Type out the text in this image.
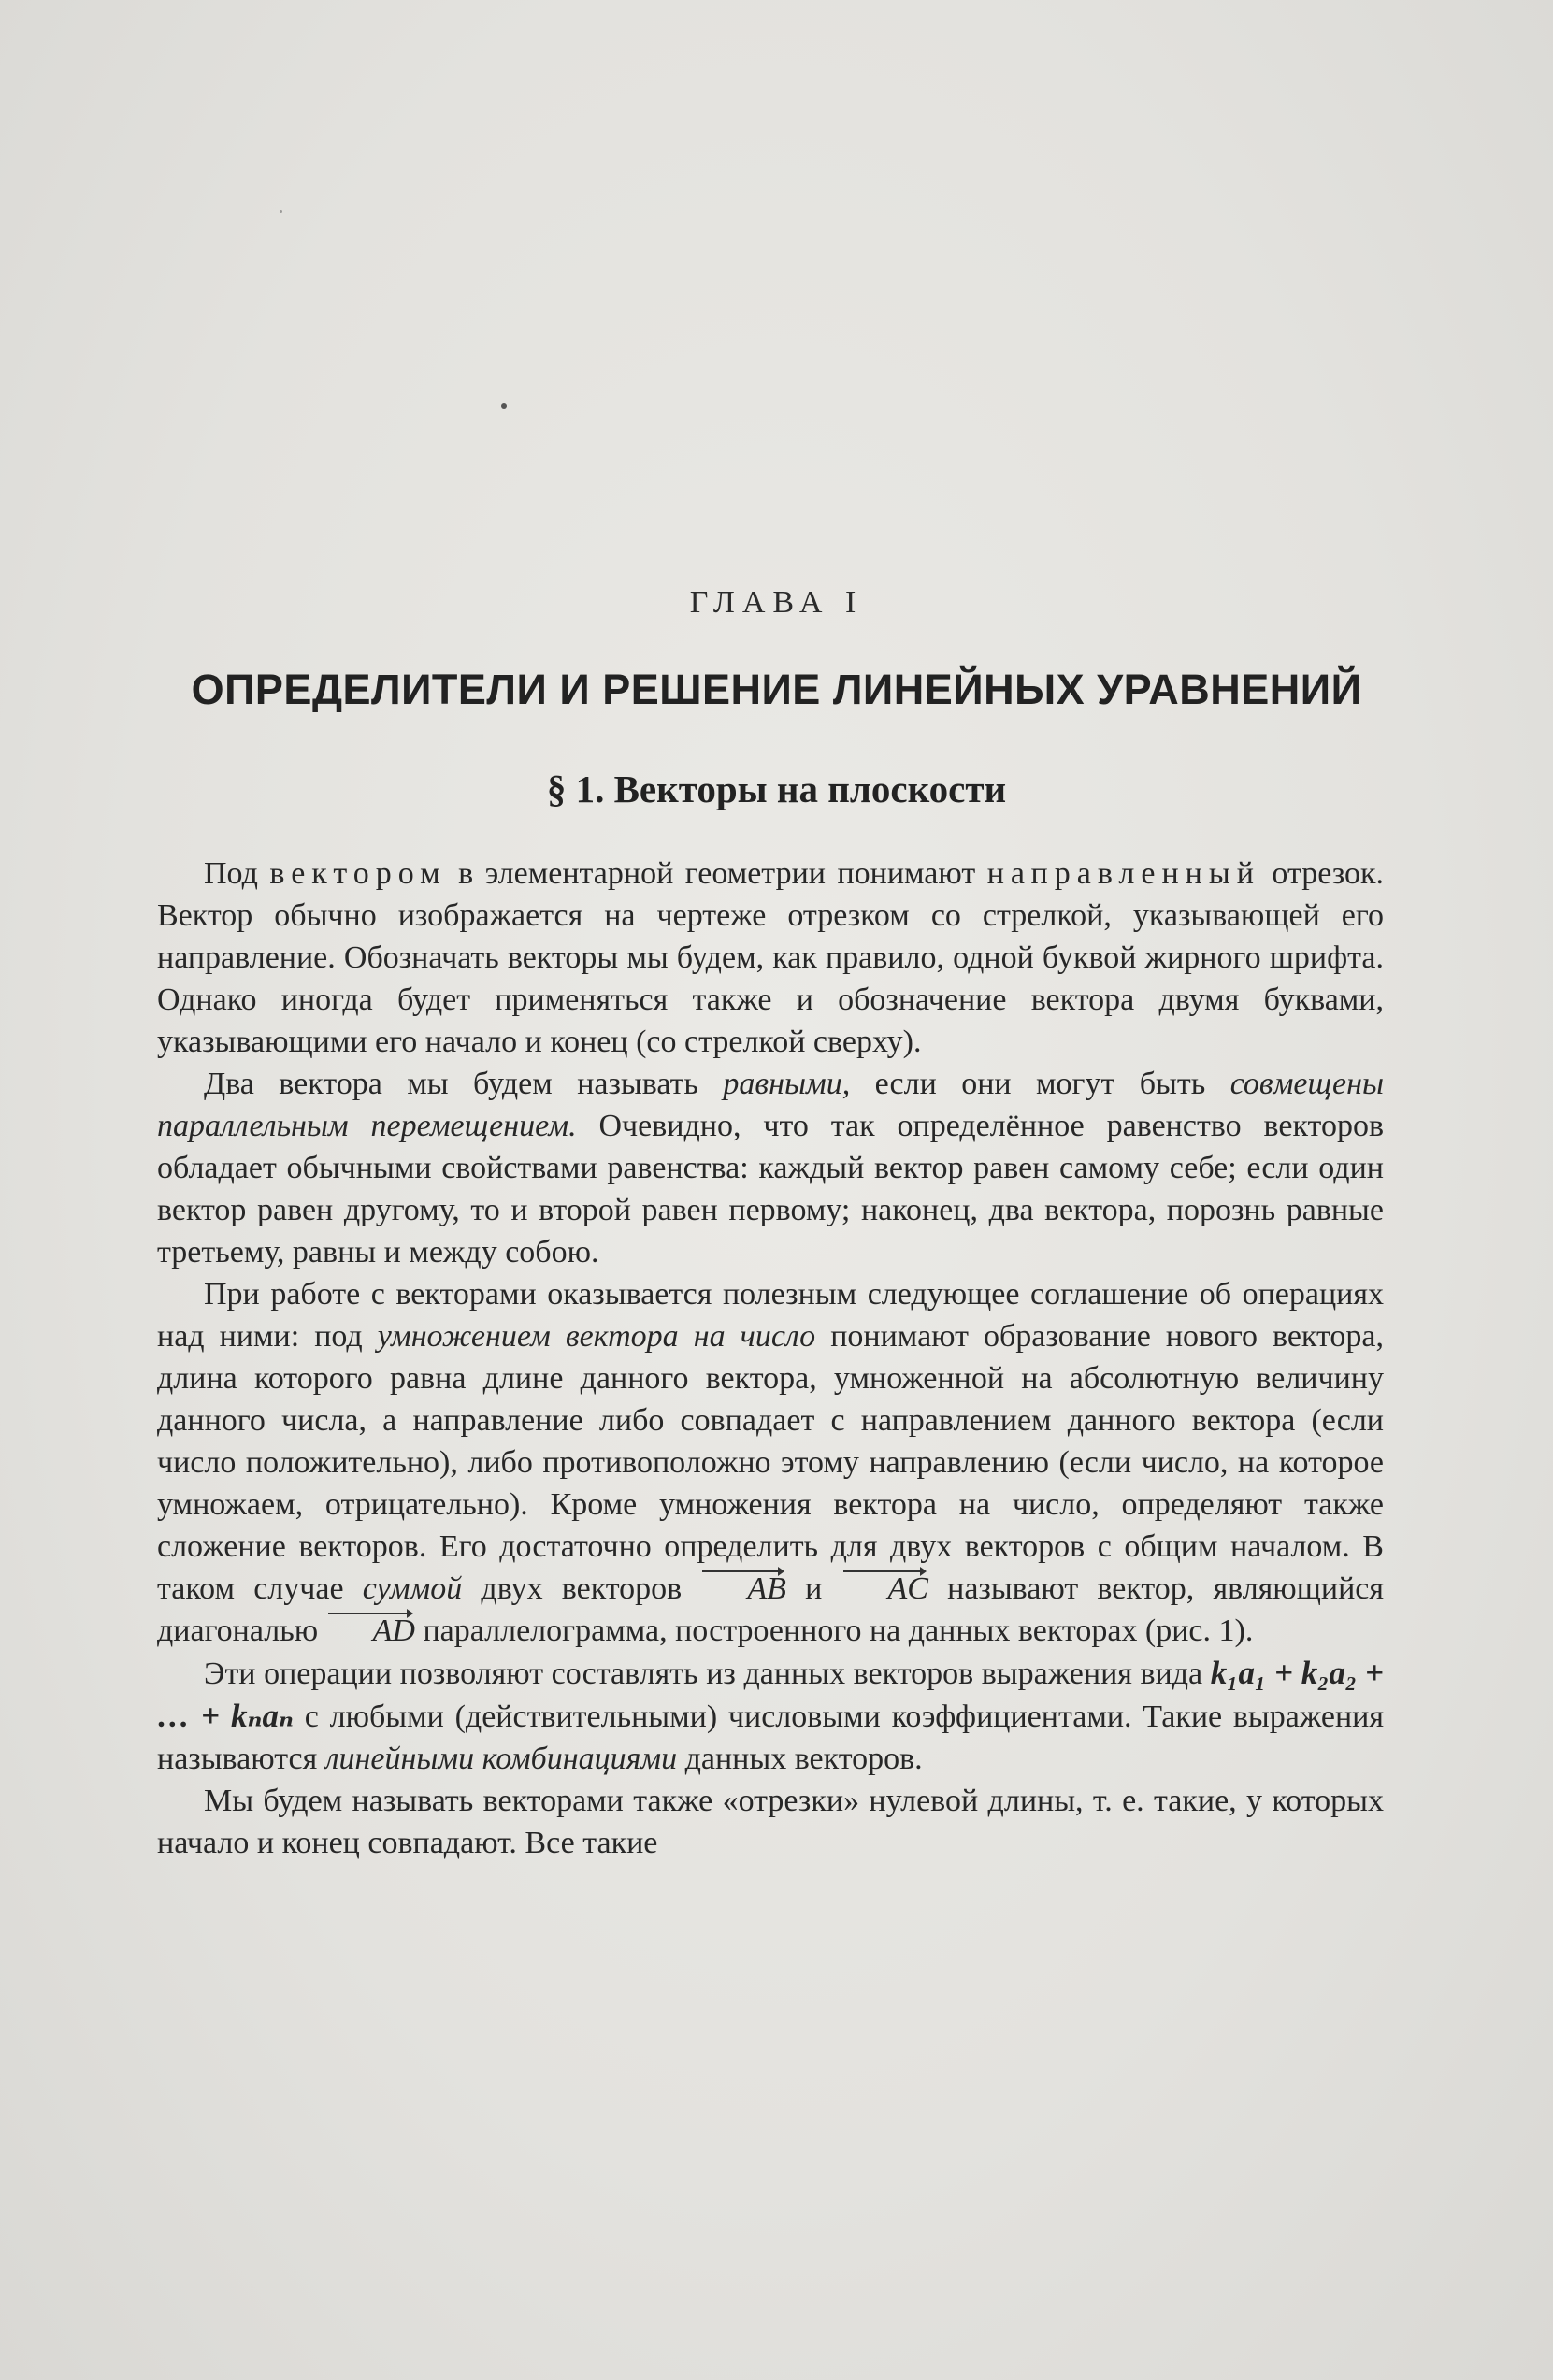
ГЛАВА I
ОПРЕДЕЛИТЕЛИ И РЕШЕНИЕ ЛИНЕЙНЫХ УРАВНЕНИЙ
§ 1. Векторы на плоскости

Под вектором в элементарной геометрии понимают направленный отрезок. Вектор обычно изображается на чертеже отрезком со стрелкой, указывающей его направление. Обозначать векторы мы будем, как правило, одной буквой жирного шрифта. Однако иногда будет применяться также и обозначение вектора двумя буквами, указывающими его начало и конец (со стрелкой сверху).

Два вектора мы будем называть равными, если они могут быть совмещены параллельным перемещением. Очевидно, что так определённое равенство векторов обладает обычными свойствами равенства: каждый вектор равен самому себе; если один вектор равен другому, то и второй равен первому; наконец, два вектора, порознь равные третьему, равны и между собою.

При работе с векторами оказывается полезным следующее соглашение об операциях над ними: под умножением вектора на число понимают образование нового вектора, длина которого равна длине данного вектора, умноженной на абсолютную величину данного числа, а направление либо совпадает с направлением данного вектора (если число положительно), либо противоположно этому направлению (если число, на которое умножаем, отрицательно). Кроме умножения вектора на число, определяют также сложение векторов. Его достаточно определить для двух векторов с общим началом. В таком случае суммой двух векторов AB и AC называют вектор, являющийся диагональю AD параллелограмма, построенного на данных векторах (рис. 1).

Эти операции позволяют составлять из данных векторов выражения вида k₁a₁ + k₂a₂ + … + kₙaₙ с любыми (действительными) числовыми коэффициентами. Такие выражения называются линейными комбинациями данных векторов.

Мы будем называть векторами также «отрезки» нулевой длины, т. е. такие, у которых начало и конец совпадают. Все такие
